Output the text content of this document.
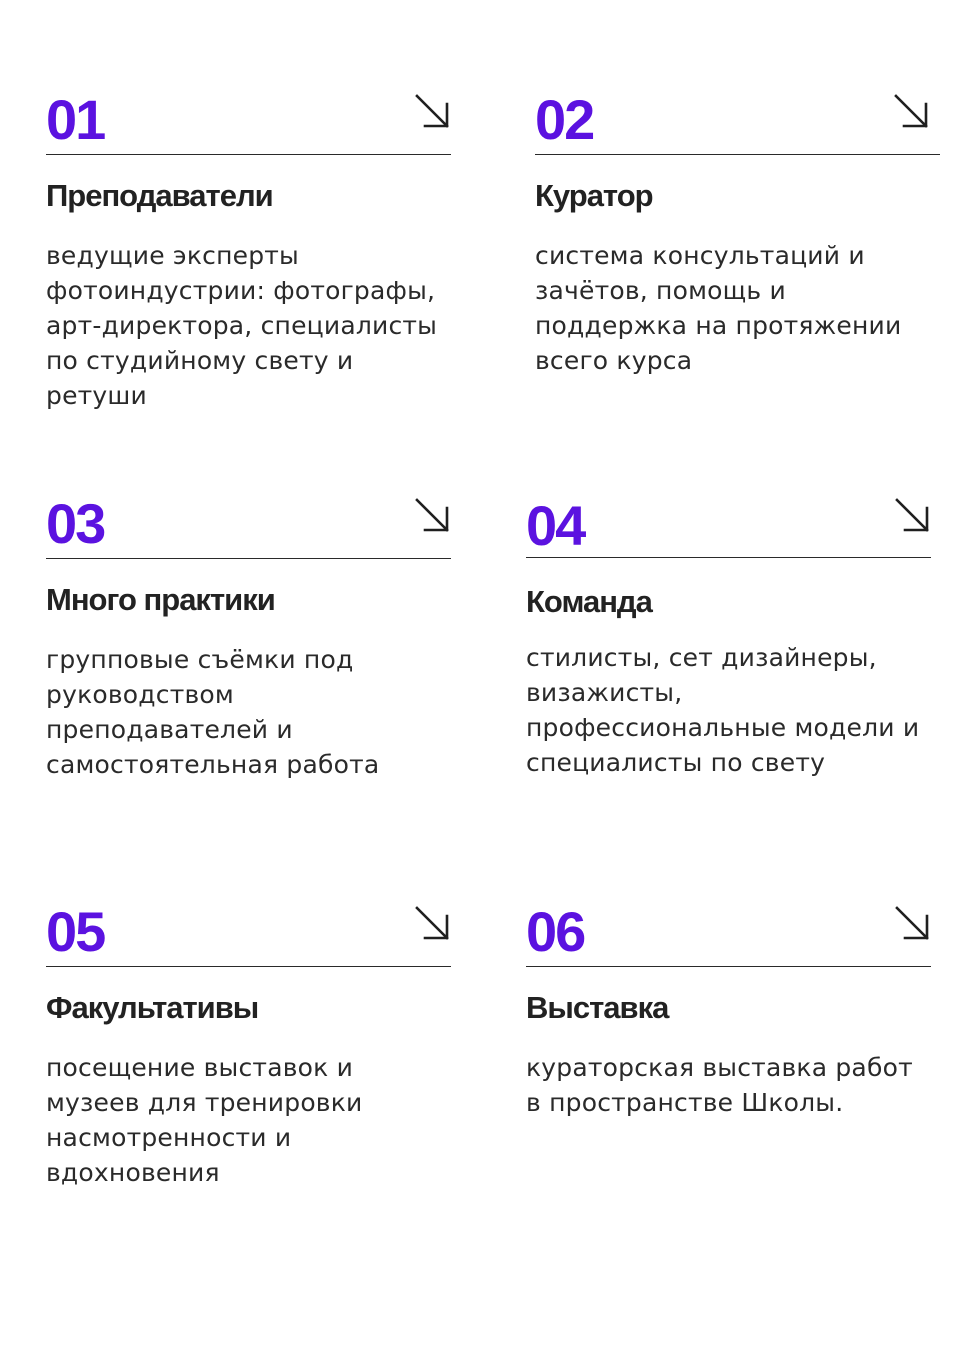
01
Преподаватели

ведущие эксперты
фотоиндустрии: фотографы,
арт-директора, специалисты
по студийному свету и
ретуши

02
Куратор

система консультаций и
зачётов, помощь и
поддержка на протяжении
всего курса

03
Много практики

групповые съёмки под
руководством
преподавателей и
самостоятельная работа

04
Команда

стилисты, сет дизайнеры,
визажисты,
профессиональные модели и
специалисты по свету

05
Факультативы

посещение выставок и
музеев для тренировки
насмотренности и
вдохновения

06
Выставка

кураторская выставка работ
в пространстве Школы.
